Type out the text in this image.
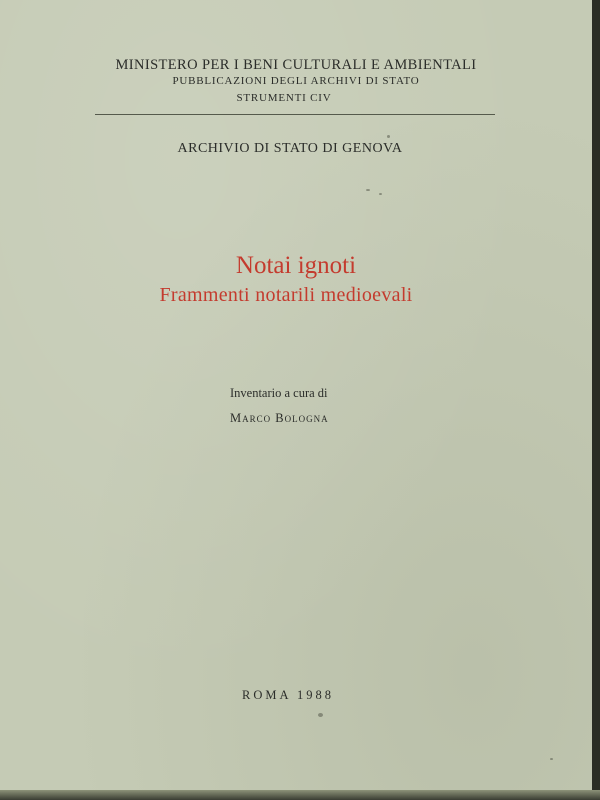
MINISTERO PER I BENI CULTURALI E AMBIENTALI
PUBBLICAZIONI DEGLI ARCHIVI DI STATO
STRUMENTI CIV
ARCHIVIO DI STATO DI GENOVA
Notai ignoti
Frammenti notarili medioevali
Inventario a cura di
Marco Bologna
ROMA 1988
